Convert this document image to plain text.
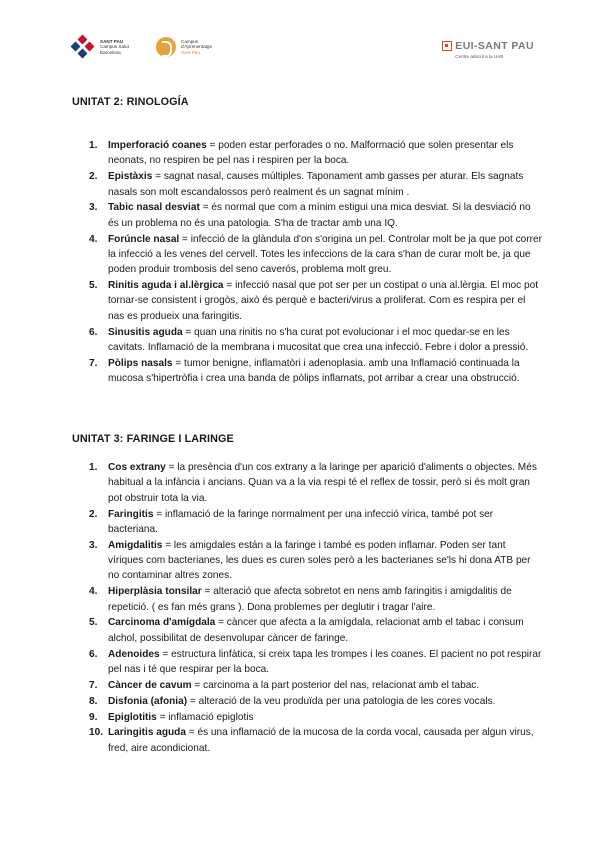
SANT PAU
Campus Salut
Barcelona
Campus
d'Aprenentatge
Sant Pau
EUI-SANT PAU
Centre adscrit a la UAB
UNITAT 2: RINOLOGÍA
1. Imperforació coanes = poden estar perforades o no. Malformació que solen presentar els neonats, no respiren be pel nas i respiren per la boca.
2. Epistàxis = sagnat nasal, causes múltiples. Taponament amb gasses per aturar. Els sagnats nasals son molt escandalossos però realment és un sagnat mínim .
3. Tabic nasal desviat = és normal que com a mínim estigui una mica desviat. Si la desviació no és un problema no és una patologia. S'ha de tractar amb una IQ.
4. Forúncle nasal = infecció de la glàndula d'on s'origina un pel. Controlar molt be ja que pot correr la infecció a les venes del cervell. Totes les infeccions de la cara s'han de curar molt be, ja que poden produir trombosis del seno caverós, problema molt greu.
5. Rinitis aguda i al.lèrgica = infecció nasal que pot ser per un costipat o una al.lèrgia. El moc pot tornar-se consistent i grogòs, això és perquè e bacteri/virus a proliferat. Com es respira per el nas es produeix una faringitis.
6. Sinusitis aguda = quan una rinitis no s'ha curat pot evolucionar i el moc quedar-se en les cavitats. Inflamació de la membrana i mucositat que crea una infecció. Febre i dolor a pressió.
7. Pòlips nasals = tumor benigne, inflamatòri i adenoplasia. amb una Inflamació continuada la mucosa s'hipertròfia i crea una banda de pòlips inflamats, pot arribar a crear una obstrucció.
UNITAT 3: FARINGE I LARINGE
1. Cos extrany = la presència d'un cos extrany a la laringe per aparició d'aliments o objectes. Més habitual a la infància i ancians. Quan va a la via respi té el reflex de tossir, però si és molt gran pot obstruir tota la via.
2. Faringitis = inflamació de la faringe normalment per una infecció vírica, també pot ser bacteriana.
3. Amigdalitis = les amigdales están a la faringe i també es poden inflamar. Poden ser tant víriques com bacterianes, les dues es curen soles però a les bacterianes se'ls hi dona ATB per no contaminar altres zones.
4. Hiperplàsia tonsilar = alteració que afecta sobretot en nens amb faringitis i amigdalitis de repetició. ( es fan més grans ). Dona problemes per deglutir i tragar l'aire.
5. Carcinoma d'amígdala = càncer que afecta a la amígdala, relacionat amb el tabac i consum alchol, possibilitat de desenvolupar càncer de faringe.
6. Adenoides = estructura linfàtica, si creix tapa les trompes i les coanes. El pacient no pot respirar pel nas i té que respirar per la boca.
7. Càncer de cavum = carcinoma a la part posterior del nas, relacionat amb el tabac.
8. Disfonia (afonia) = alteració de la veu produïda per una patologia de les cores vocals.
9. Epiglotitis = inflamació epiglotis
10. Laringitis aguda = és una inflamació de la mucosa de la corda vocal, causada per algun virus, fred, aire acondicionat.
